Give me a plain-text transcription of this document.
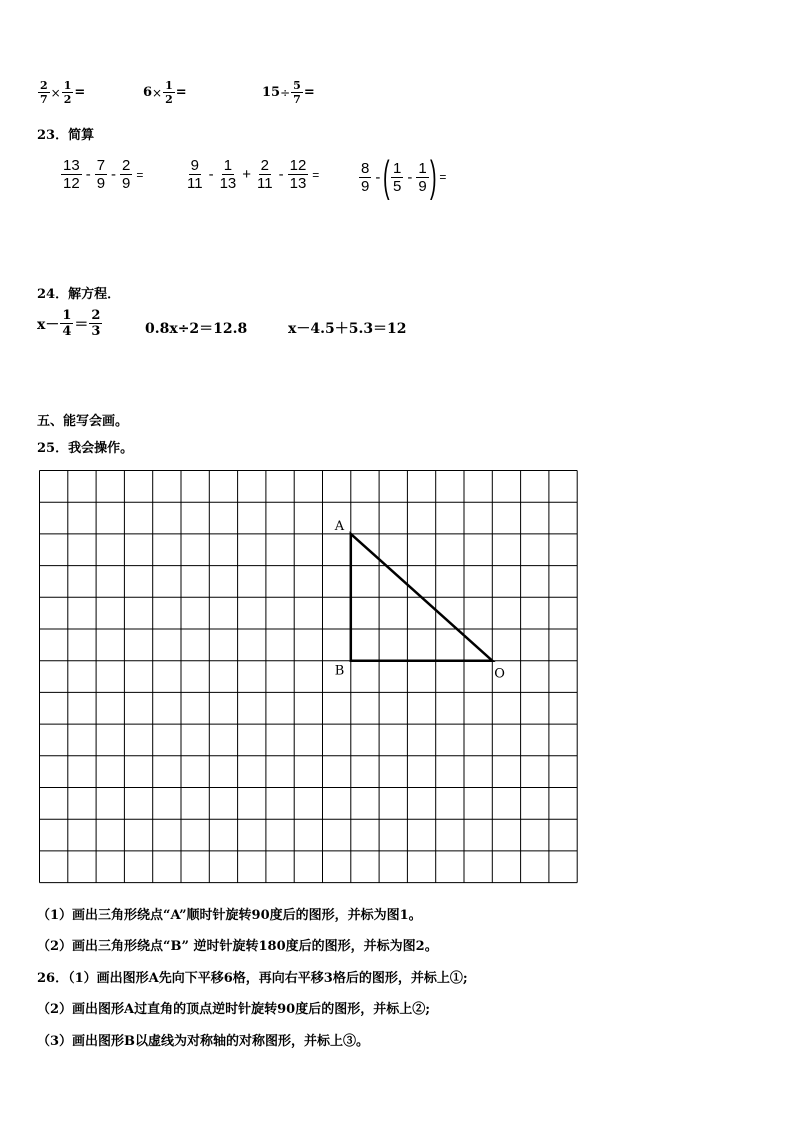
$\frac{2}{7} \times \frac{1}{2}$ =	$6 \times \frac{1}{2}$ =	$15 \div \frac{5}{7}$ =
23．简算
$\frac{13}{12} - \frac{7}{9} - \frac{2}{9}$ =	$\frac{9}{11} - \frac{1}{13} + \frac{2}{11} - \frac{12}{13}$ =	$\frac{8}{9}$ - ( $\frac{1}{5} - \frac{1}{9}$ ) =
24．解方程．
$x- \frac{1}{4} = \frac{2}{3}$	0.8x÷2＝12.8	x－4.5＋5.3＝12
五、能写会画。
25．我会操作。
A
B	O
（1）画出三角形绕点“A”顺时针旋转90度后的图形，并标为图1。
（2）画出三角形绕点“B” 逆时针旋转180度后的图形，并标为图2。
26．（1）画出图形A先向下平移6格，再向右平移3格后的图形，并标上①;
（2）画出图形A过直角的顶点逆时针旋转90度后的图形，并标上②;
（3）画出图形B以虚线为对称轴的对称图形，并标上③。
